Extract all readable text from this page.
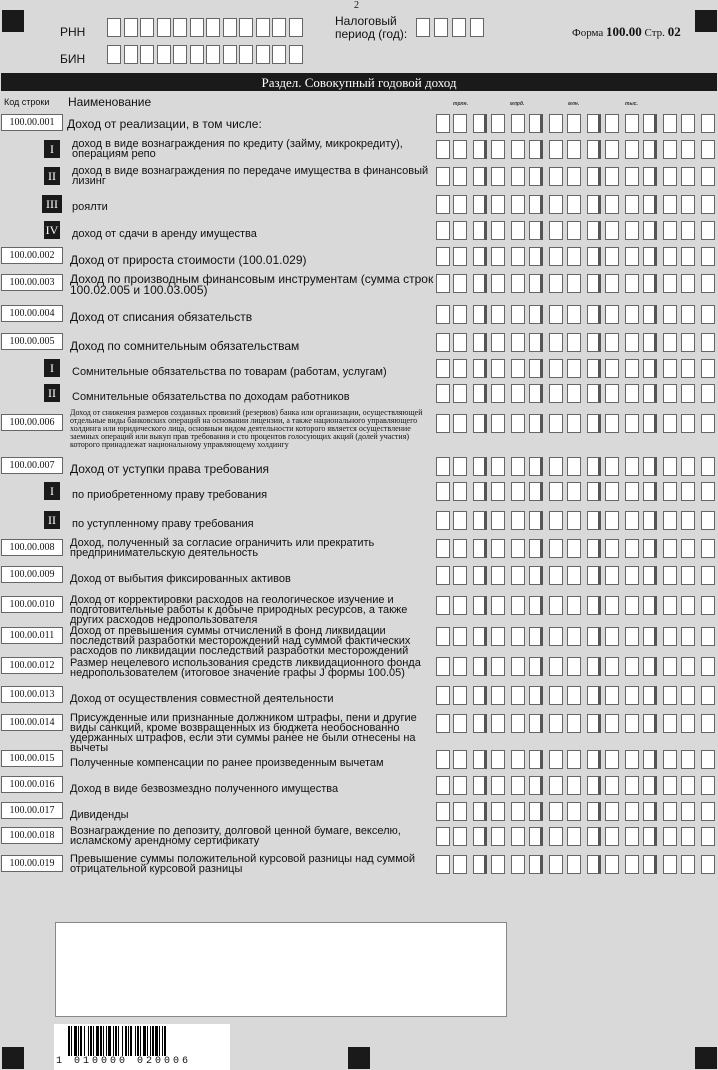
2
РНН
БИН
Налоговый
период (год):	Форма 100.00 Стр. 02
Раздел. Совокупный годовой доход
Код строки Наименование	трлн.	млрд.	млн.	тыс.
100.00.001	Доход от реализации, в том числе:
I	доход в виде вознаграждения по кредиту (займу, микрокредиту), операциям репо
II	доход в виде вознаграждения по передаче имущества в финансовый лизинг
III	роялти
IV доход от сдачи в аренду имущества
100.00.002	Доход от прироста стоимости (100.01.029)
100.00.003	Доход по производным финансовым инструментам (сумма строк 100.02.005 и 100.03.005)
100.00.004	Доход от списания обязательств
100.00.005	Доход по сомнительным обязательствам
I	Сомнительные обязательства по товарам (работам, услугам)
II	Сомнительные обязательства по доходам работников
100.00.006
Доход от снижения размеров созданных провизий (резервов) банка или организации, осуществляющей отдельные виды банковских операций на основании лицензии, а также национального управляющего холдинга или юридического лица, основным видом деятельности которого является осуществление заемных операций или выкуп прав требования и сто процентов голосующих акций (долей участия) которого принадлежат национальному управляющему холдингу
100.00.007	Доход от уступки права требования
I	по приобретенному праву требования
II	по уступленному праву требования
100.00.008	Доход, полученный за согласие ограничить или прекратить предпринимательскую деятельность
100.00.009	Доход от выбытия фиксированных активов
100.00.010	Доход от корректировки расходов на геологическое изучение и подготовительные работы к добыче природных ресурсов, а также других расходов недропользователя
100.00.011	Доход от превышения суммы отчислений в фонд ликвидации последствий разработки месторождений над суммой фактических расходов по ликвидации последствий разработки месторождений
100.00.012	Размер нецелевого использования средств ликвидационного фонда недропользователем (итоговое значение графы J формы 100.05)
100.00.013	Доход от осуществления совместной деятельности
100.00.014	Присужденные или признанные должником штрафы, пени и другие виды санкций, кроме возвращенных из бюджета необоснованно удержанных штрафов, если эти суммы ранее не были отнесены на вычеты
100.00.015	Полученные компенсации по ранее произведенным вычетам
100.00.016	Доход в виде безвозмездно полученного имущества
100.00.017	Дивиденды
100.00.018	Вознаграждение по депозиту, долговой ценной бумаге, векселю, исламскому арендному сертификату
100.00.019	Превышение суммы положительной курсовой разницы над суммой отрицательной курсовой разницы
1 010000 020006
